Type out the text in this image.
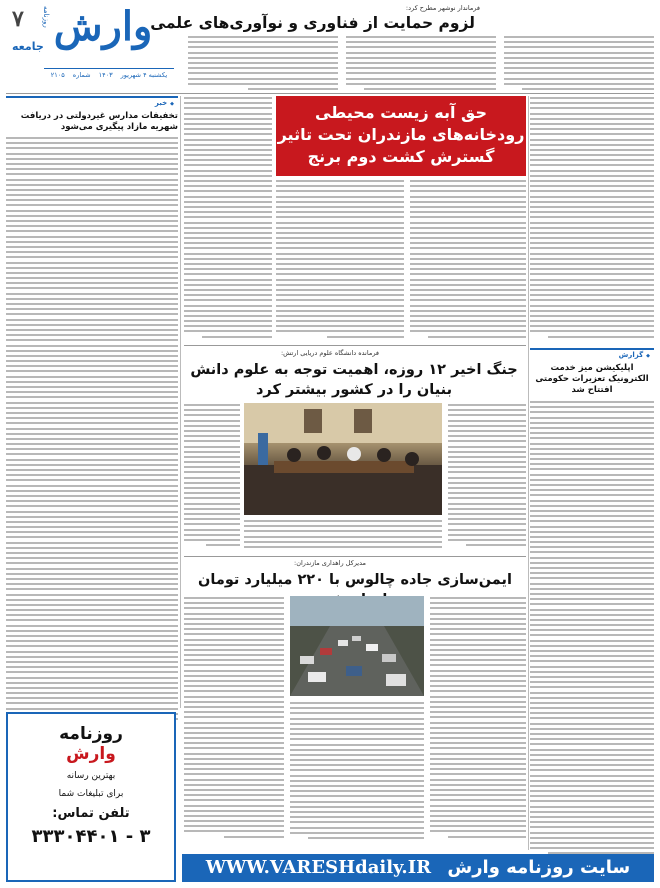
۷
جامعه وارش
روزنامه
یکشنبه ۴ شهریور ۱۴۰۳ شماره ۲۱۰۵
فرماندار نوشهر مطرح کرد:
لزوم حمایت از فناوری و نوآوری‌های علمی
حق آبه زیست محیطی رودخانه‌های مازندران تحت تاثیر گسترش کشت دوم برنج
◆ خبر
تخفیفات مدارس غیردولتی در دریافت شهریه مازاد پیگیری می‌شود
روزنامه
وارش
بهترین رسانه
برای تبلیغات شما
تلفن تماس:
۳ - ۳۳۳۰۴۴۰۱
فرمانده دانشگاه علوم دریایی ارتش:
جنگ اخیر ۱۲ روزه، اهمیت توجه به علوم دانش بنیان را در کشور بیشتر کرد
◆ گزارش
اپلیکیشن میز خدمت الکترونیک تعزیرات حکومتی افتتاح شد
مدیرکل راهداری مازندران:
ایمن‌سازی جاده چالوس با ۲۲۰ میلیارد تومان
سایت روزنامه وارش WWW.VARESHdaily.IR
